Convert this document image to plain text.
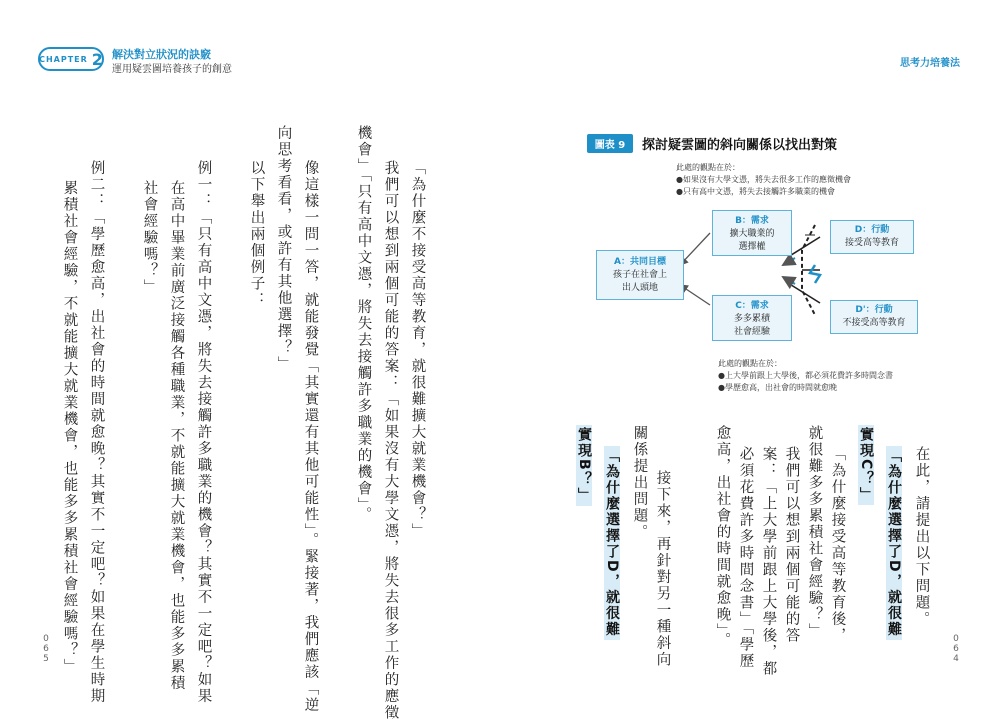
CHAPTER 2 解決對立狀況的訣竅
運用疑雲圖培養孩子的創意
思考力培養法
「為什麼不接受高等教育，就很難擴大就業機會？」
我們可以想到兩個可能的答案：「如果沒有大學文憑，將失去很多工作的應徵
機會」「只有高中文憑，將失去接觸許多職業的機會」。
像這樣一問一答，就能發覺「其實還有其他可能性」。緊接著，我們應該「逆
向思考看看，或許有其他選擇？」
以下舉出兩個例子：
例一：「只有高中文憑，將失去接觸許多職業的機會？其實不一定吧？如果
在高中畢業前廣泛接觸各種職業，不就能擴大就業機會，也能多多累積
社會經驗嗎？」
例二：「學歷愈高，出社會的時間就愈晚？其實不一定吧？如果在學生時期
累積社會經驗，不就能擴大就業機會，也能多多累積社會經驗嗎？」
0
6
5
圖表 9	探討疑雲圖的斜向關係以找出對策
此處的觀點在於：
●如果沒有大學文憑，將失去很多工作的應徵機會
●只有高中文憑，將失去接觸許多職業的機會
A：共同目標
孩子在社會上
出人頭地
B：需求
擴大職業的
選擇權
C：需求
多多累積
社會經驗
D：行動
接受高等教育
D'：行動
不接受高等教育
此處的觀點在於：
●上大學前跟上大學後，都必須花費許多時間念書
●學歷愈高，出社會的時間就愈晚
在此，請提出以下問題。
「為什麼選擇了D，就很難
實現C？」
「為什麼接受高等教育後，
就很難多多累積社會經驗？」
我們可以想到兩個可能的答
案：「上大學前跟上大學後，都
必須花費許多時間念書」「學歷
愈高，出社會的時間就愈晚」。
接下來，再針對另一種斜向
關係提出問題。
「為什麼選擇了D，就很難
實現B？」
0
6
4
